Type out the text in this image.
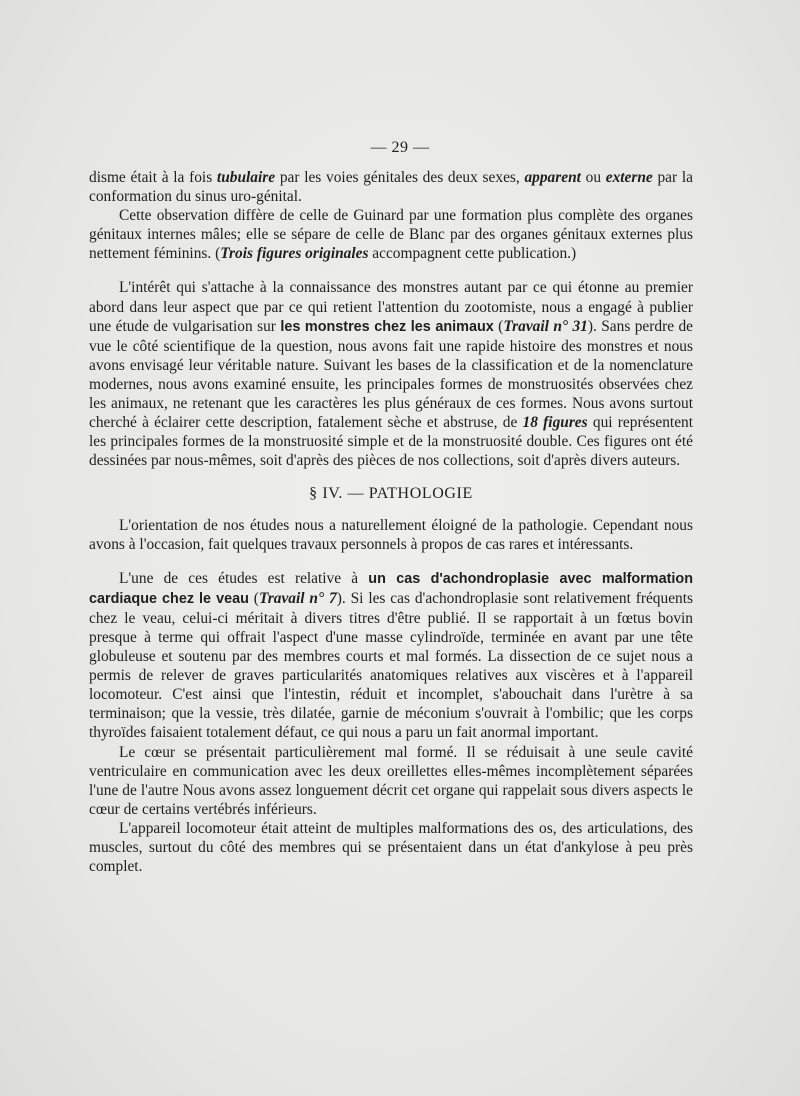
— 29 —

disme était à la fois tubulaire par les voies génitales des deux sexes, apparent ou externe par la conformation du sinus uro-génital.

Cette observation diffère de celle de Guinard par une formation plus complète des organes génitaux internes mâles; elle se sépare de celle de Blanc par des organes génitaux externes plus nettement féminins. (Trois figures originales accompagnent cette publication.)

L'intérêt qui s'attache à la connaissance des monstres autant par ce qui étonne au premier abord dans leur aspect que par ce qui retient l'attention du zootomiste, nous a engagé à publier une étude de vulgarisation sur les monstres chez les animaux (Travail n° 31). Sans perdre de vue le côté scientifique de la question, nous avons fait une rapide histoire des monstres et nous avons envisagé leur véritable nature. Suivant les bases de la classification et de la nomenclature modernes, nous avons examiné ensuite, les principales formes de monstruosités observées chez les animaux, ne retenant que les caractères les plus généraux de ces formes. Nous avons surtout cherché à éclairer cette description, fatalement sèche et abstruse, de 18 figures qui représentent les principales formes de la monstruosité simple et de la monstruosité double. Ces figures ont été dessinées par nous-mêmes, soit d'après des pièces de nos collections, soit d'après divers auteurs.

§ IV. — PATHOLOGIE

L'orientation de nos études nous a naturellement éloigné de la pathologie. Cependant nous avons à l'occasion, fait quelques travaux personnels à propos de cas rares et intéressants.

L'une de ces études est relative à un cas d'achondroplasie avec malformation cardiaque chez le veau (Travail n° 7). Si les cas d'achondroplasie sont relativement fréquents chez le veau, celui-ci méritait à divers titres d'être publié. Il se rapportait à un fœtus bovin presque à terme qui offrait l'aspect d'une masse cylindroïde, terminée en avant par une tête globuleuse et soutenu par des membres courts et mal formés. La dissection de ce sujet nous a permis de relever de graves particularités anatomiques relatives aux viscères et à l'appareil locomoteur. C'est ainsi que l'intestin, réduit et incomplet, s'abouchait dans l'urètre à sa terminaison; que la vessie, très dilatée, garnie de méconium s'ouvrait à l'ombilic; que les corps thyroïdes faisaient totalement défaut, ce qui nous a paru un fait anormal important.

Le cœur se présentait particulièrement mal formé. Il se réduisait à une seule cavité ventriculaire en communication avec les deux oreillettes elles-mêmes incomplètement séparées l'une de l'autre Nous avons assez longuement décrit cet organe qui rappelait sous divers aspects le cœur de certains vertébrés inférieurs.

L'appareil locomoteur était atteint de multiples malformations des os, des articulations, des muscles, surtout du côté des membres qui se présentaient dans un état d'ankylose à peu près complet.
